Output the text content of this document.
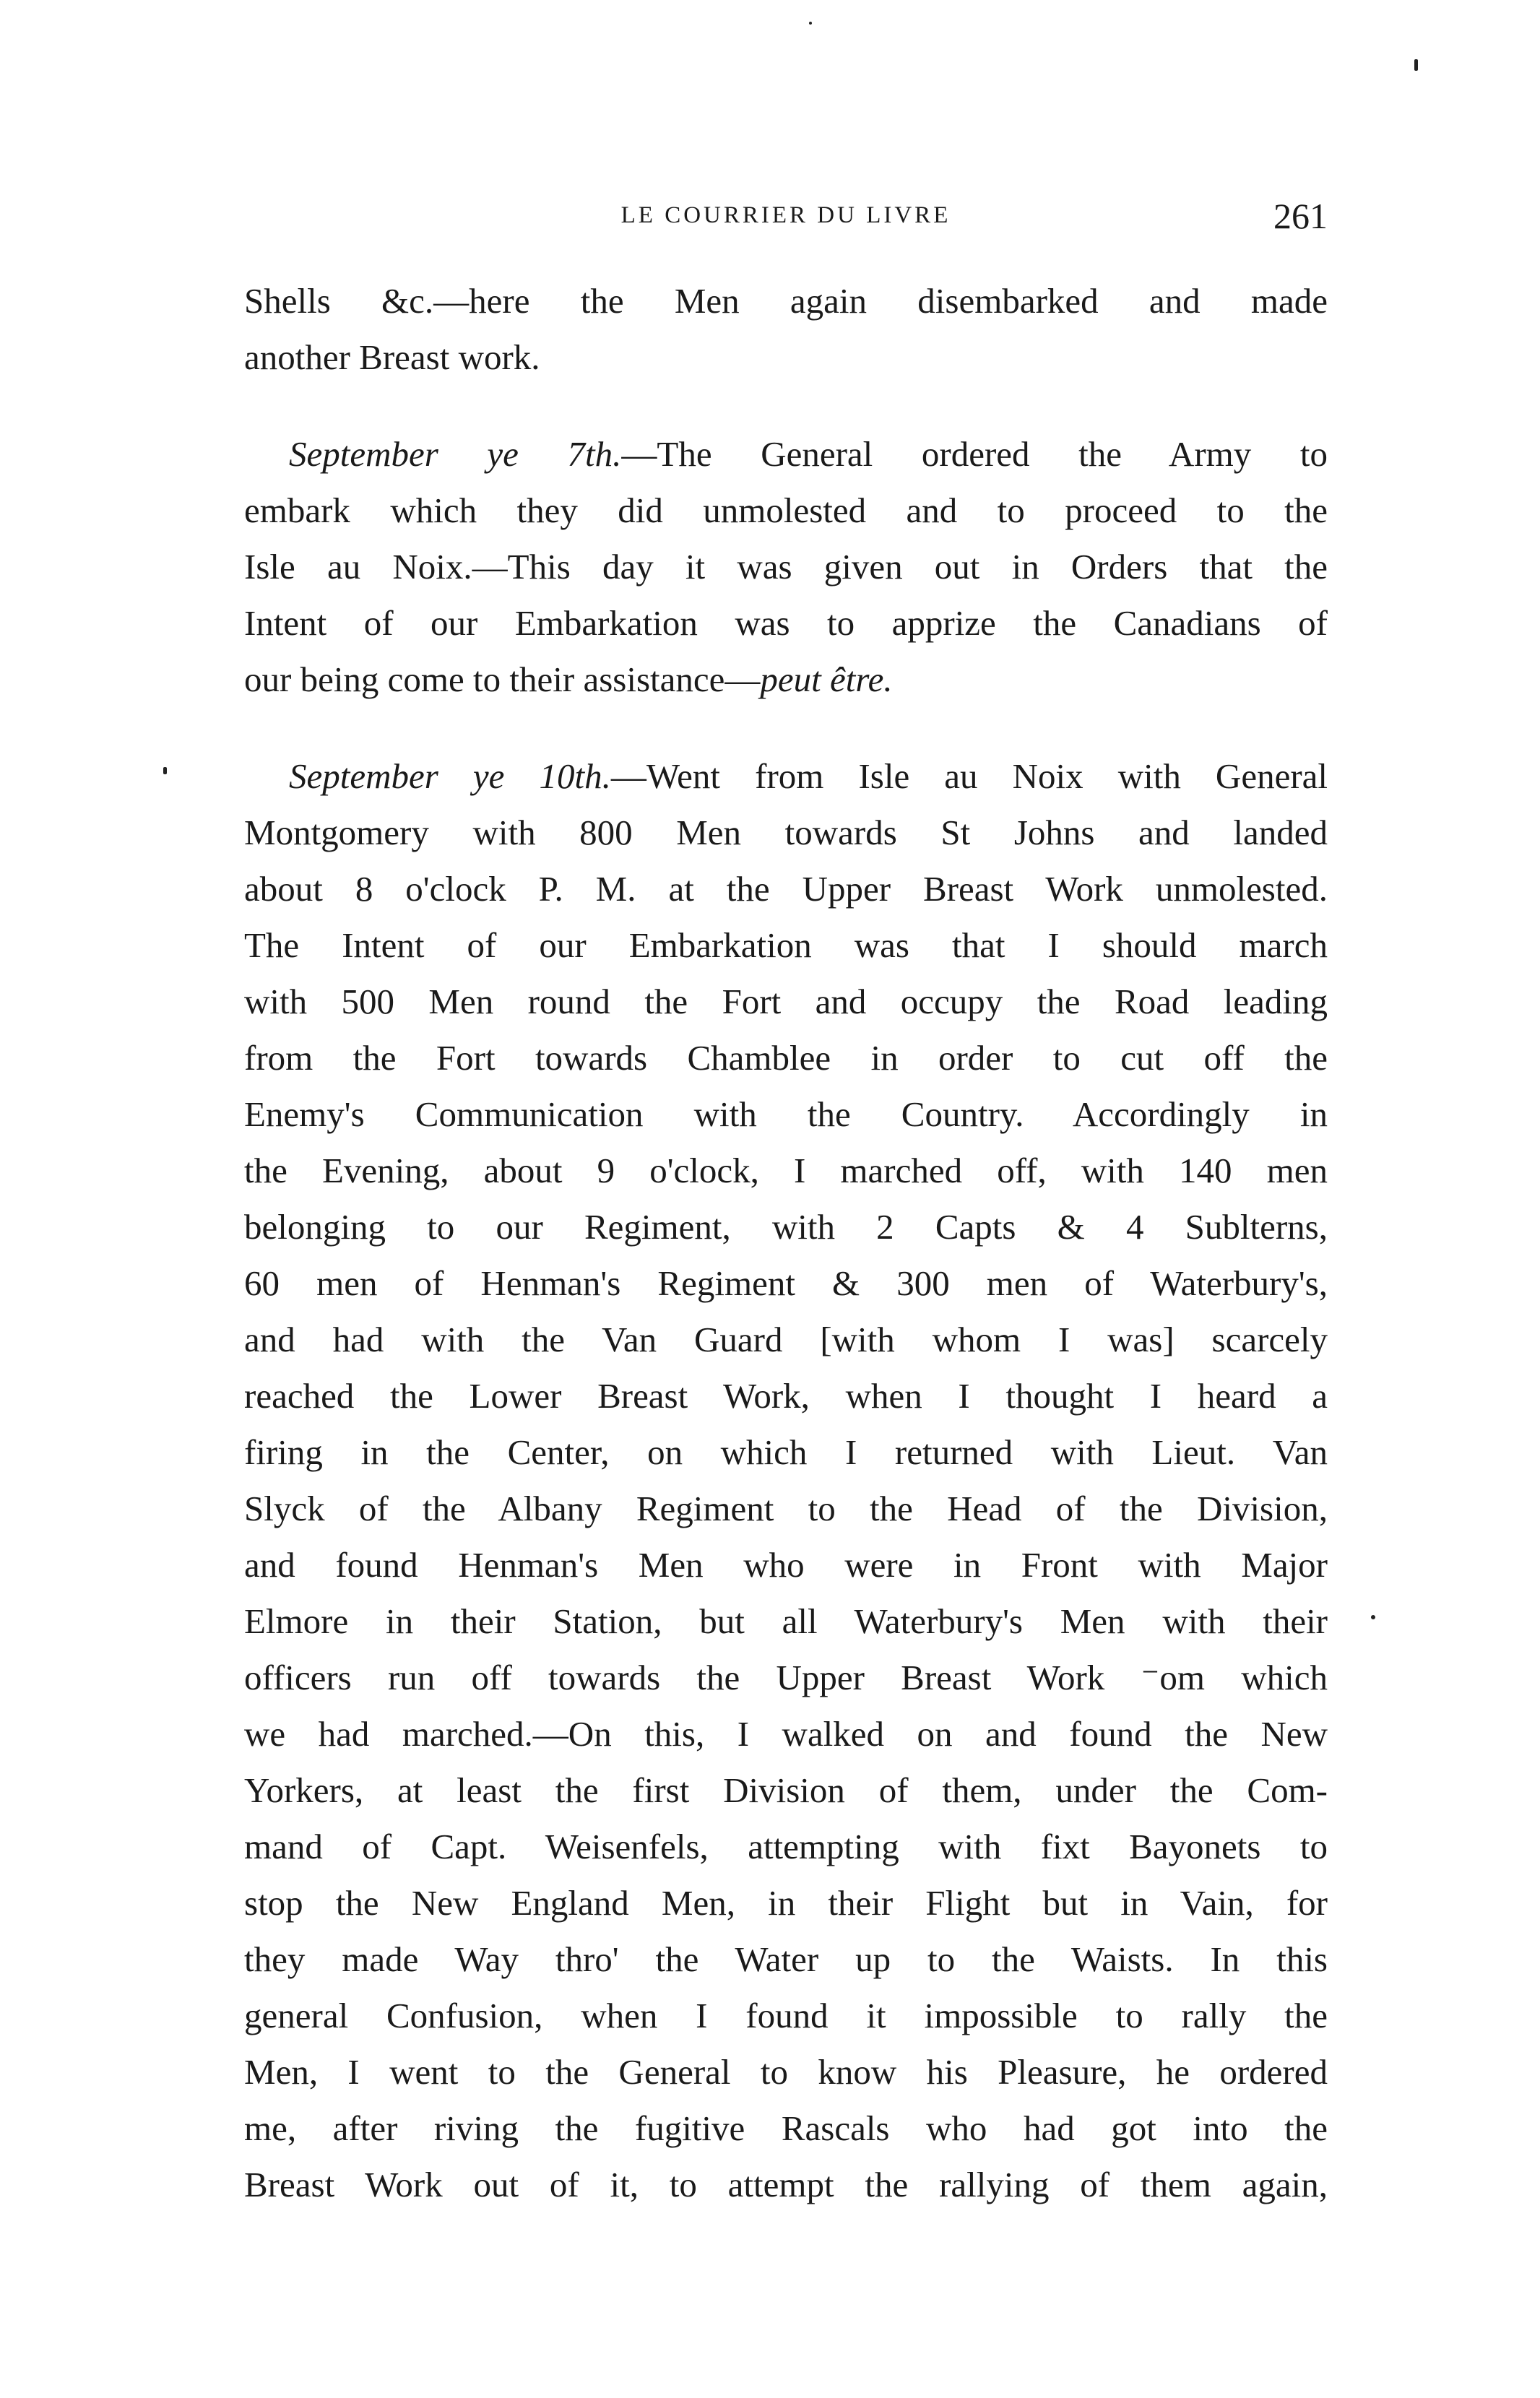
LE COURRIER DU LIVRE	261
Shells &c.—here the Men again disembarked and made
another Breast work.
September ye 7th.—The General ordered the Army to
embark which they did unmolested and to proceed to the
Isle au Noix.—This day it was given out in Orders that the
Intent of our Embarkation was to apprize the Canadians of
our being come to their assistance—peut être.
September ye 10th.—Went from Isle au Noix with General
Montgomery with 800 Men towards St Johns and landed
about 8 o'clock P. M. at the Upper Breast Work unmolested.
The Intent of our Embarkation was that I should march
with 500 Men round the Fort and occupy the Road leading
from the Fort towards Chamblee in order to cut off the
Enemy's Communication with the Country. Accordingly in
the Evening, about 9 o'clock, I marched off, with 140 men
belonging to our Regiment, with 2 Capts & 4 Sublterns,
60 men of Henman's Regiment & 300 men of Waterbury's,
and had with the Van Guard [with whom I was] scarcely
reached the Lower Breast Work, when I thought I heard a
firing in the Center, on which I returned with Lieut. Van
Slyck of the Albany Regiment to the Head of the Division,
and found Henman's Men who were in Front with Major
Elmore in their Station, but all Waterbury's Men with their
officers run off towards the Upper Breast Work ⁻om which
we had marched.—On this, I walked on and found the New
Yorkers, at least the first Division of them, under the Com-
mand of Capt. Weisenfels, attempting with fixt Bayonets to
stop the New England Men, in their Flight but in Vain, for
they made Way thro' the Water up to the Waists. In this
general Confusion, when I found it impossible to rally the
Men, I went to the General to know his Pleasure, he ordered
me, after riving the fugitive Rascals who had got into the
Breast Work out of it, to attempt the rallying of them again,
